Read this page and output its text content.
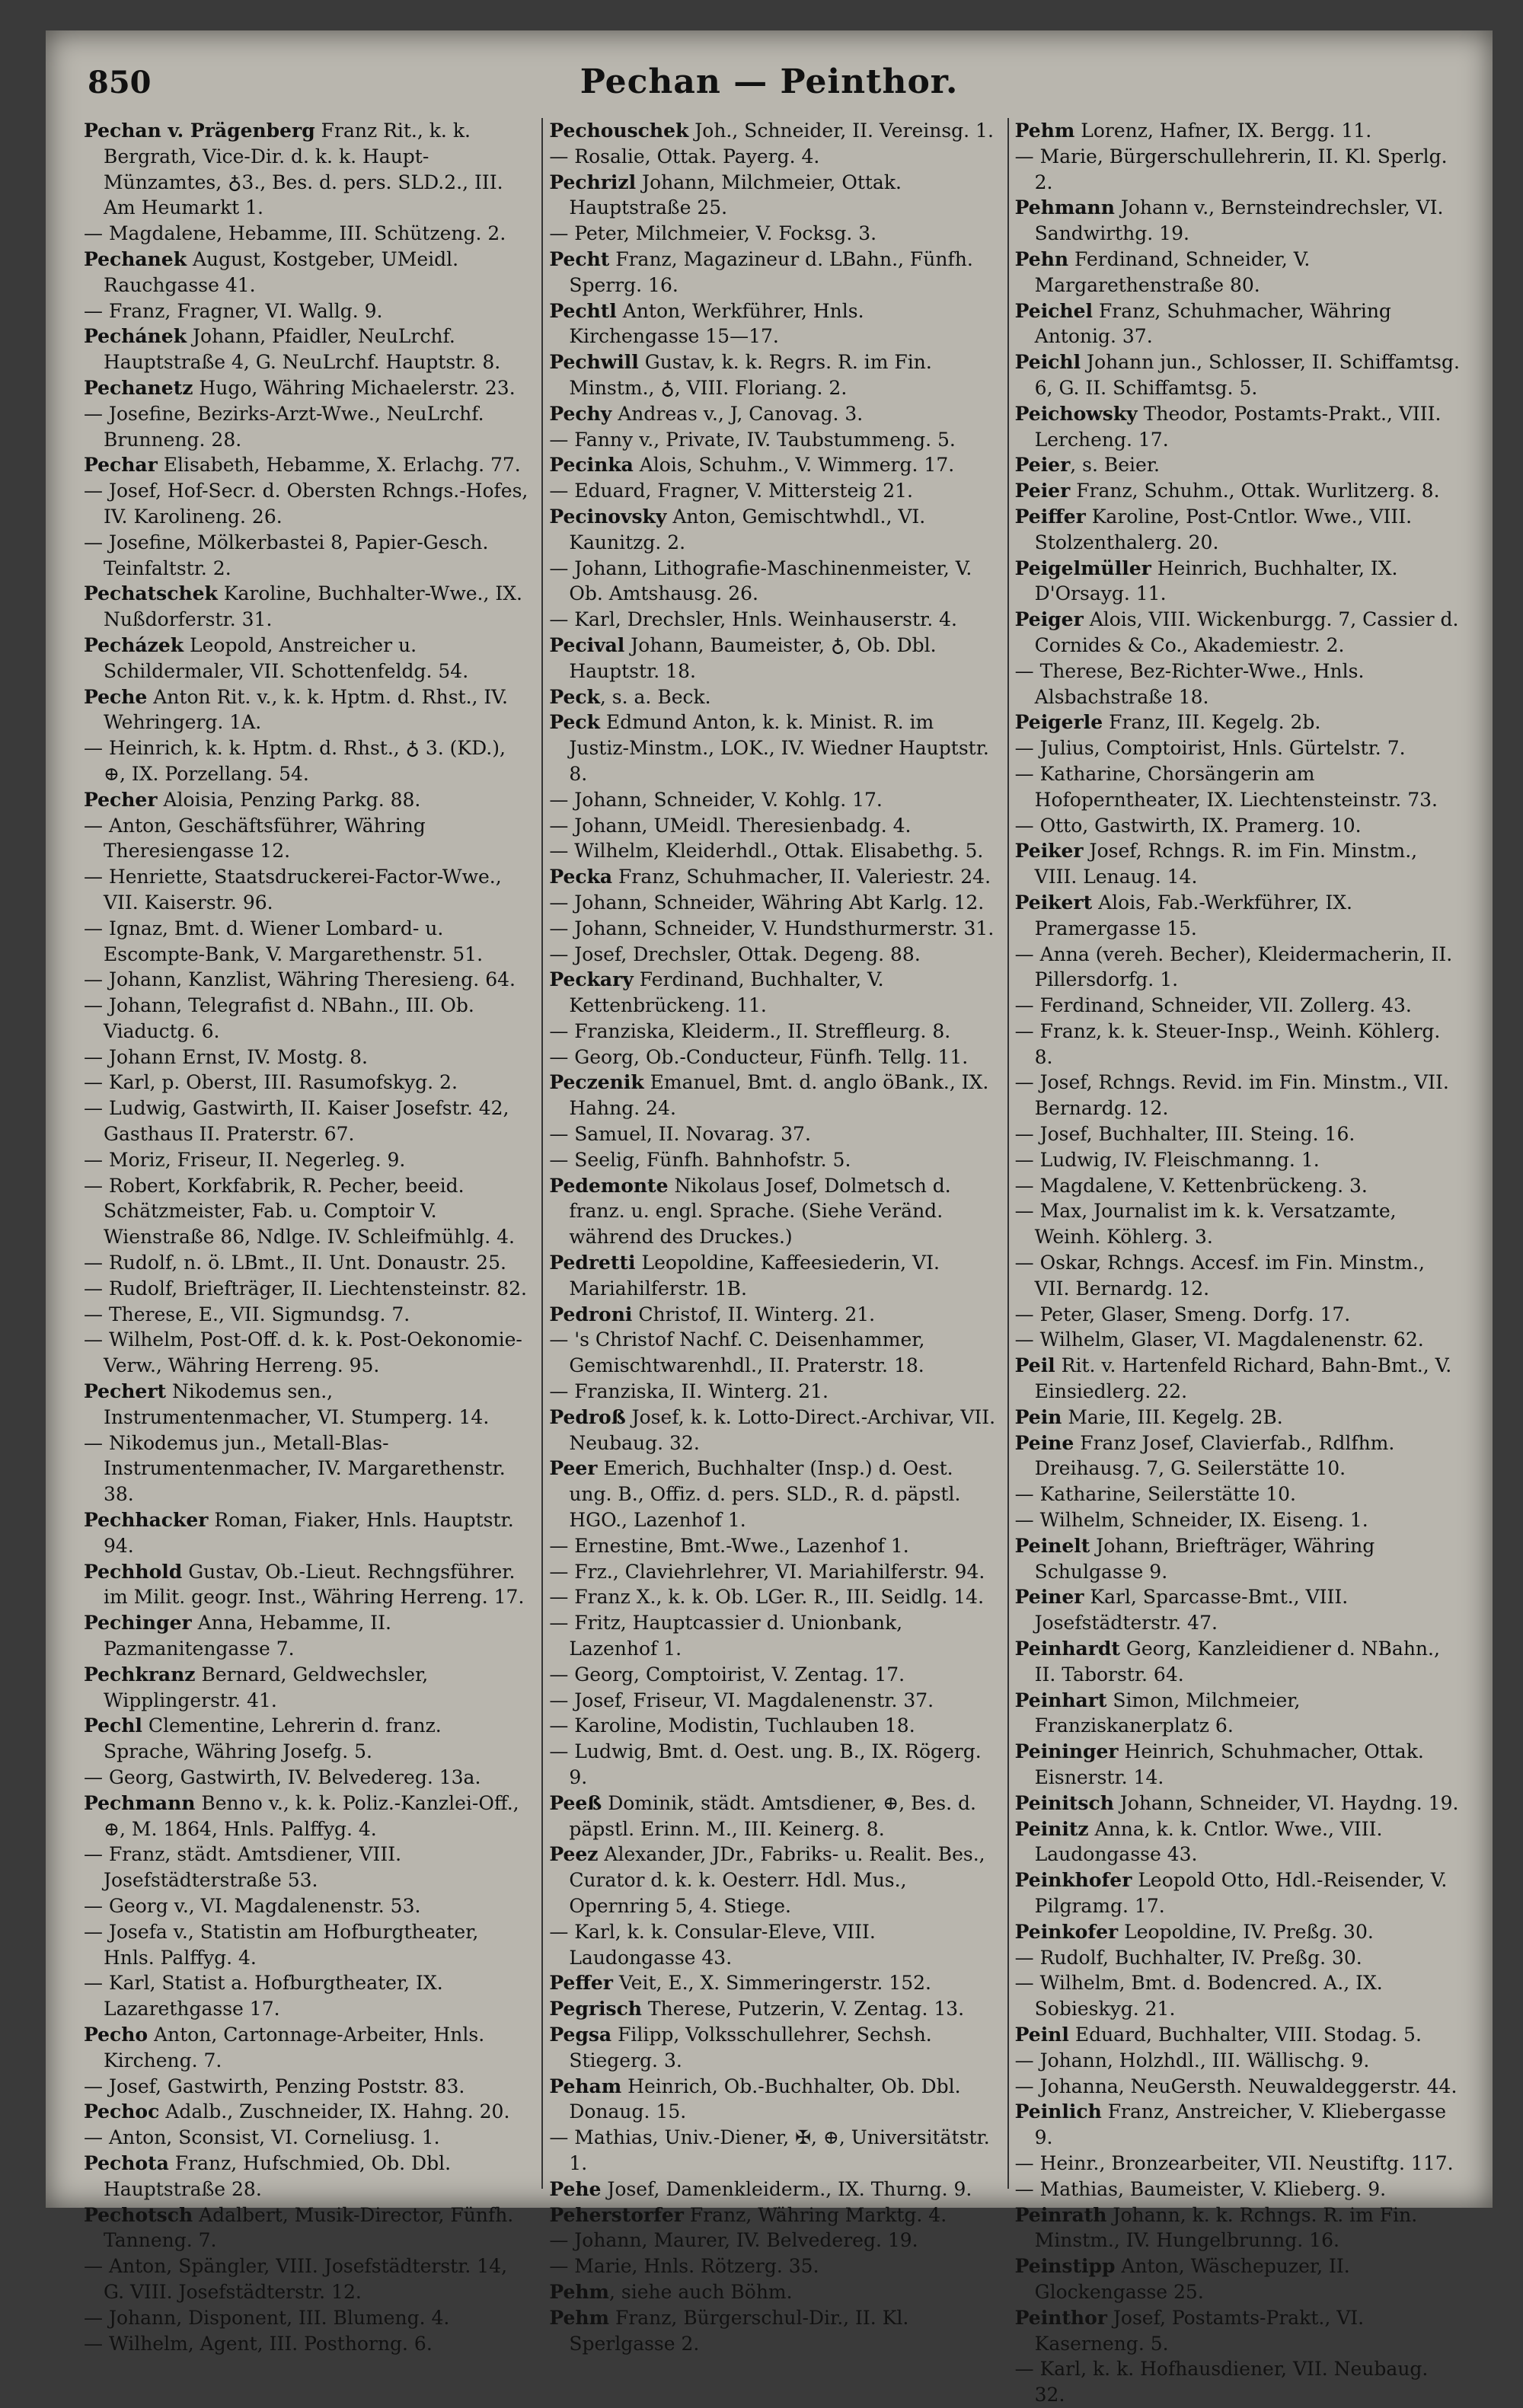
850	Pechan — Peinthor.

Pechan v. Prägenberg Franz Rit., k. k. Bergrath, Vice-Dir. d. k. k. Haupt-Münzamtes, ♁3., Bes. d. pers. SLD.2., III. Am Heumarkt 1.

— Magdalene, Hebamme, III. Schützeng. 2.

Pechanek August, Kostgeber, UMeidl. Rauchgasse 41.

— Franz, Fragner, VI. Wallg. 9.

Pechánek Johann, Pfaidler, NeuLrchf. Hauptstraße 4, G. NeuLrchf. Hauptstr. 8.

Pechanetz Hugo, Währing Michaelerstr. 23.

— Josefine, Bezirks-Arzt-Wwe., NeuLrchf. Brunneng. 28.

Pechar Elisabeth, Hebamme, X. Erlachg. 77.

— Josef, Hof-Secr. d. Obersten Rchngs.-Hofes, IV. Karolineng. 26.

— Josefine, Mölkerbastei 8, Papier-Gesch. Teinfaltstr. 2.

Pechatschek Karoline, Buchhalter-Wwe., IX. Nußdorferstr. 31.

Pecházek Leopold, Anstreicher u. Schildermaler, VII. Schottenfeldg. 54.

Peche Anton Rit. v., k. k. Hptm. d. Rhst., IV. Wehringerg. 1A.

— Heinrich, k. k. Hptm. d. Rhst., ♁ 3. (KD.), ⊕, IX. Porzellang. 54.

Pecher Aloisia, Penzing Parkg. 88.

— Anton, Geschäftsführer, Währing Theresiengasse 12.

— Henriette, Staatsdruckerei-Factor-Wwe., VII. Kaiserstr. 96.

— Ignaz, Bmt. d. Wiener Lombard- u. Escompte-Bank, V. Margarethenstr. 51.

— Johann, Kanzlist, Währing Theresieng. 64.

— Johann, Telegrafist d. NBahn., III. Ob. Viaductg. 6.

— Johann Ernst, IV. Mostg. 8.

— Karl, p. Oberst, III. Rasumofskyg. 2.

— Ludwig, Gastwirth, II. Kaiser Josefstr. 42, Gasthaus II. Praterstr. 67.

— Moriz, Friseur, II. Negerleg. 9.

— Robert, Korkfabrik, R. Pecher, beeid. Schätzmeister, Fab. u. Comptoir V. Wienstraße 86, Ndlge. IV. Schleifmühlg. 4.

— Rudolf, n. ö. LBmt., II. Unt. Donaustr. 25.

— Rudolf, Briefträger, II. Liechtensteinstr. 82.

— Therese, E., VII. Sigmundsg. 7.

— Wilhelm, Post-Off. d. k. k. Post-Oekonomie-Verw., Währing Herreng. 95.

Pechert Nikodemus sen., Instrumentenmacher, VI. Stumperg. 14.

— Nikodemus jun., Metall-Blas-Instrumentenmacher, IV. Margarethenstr. 38.

Pechhacker Roman, Fiaker, Hnls. Hauptstr. 94.

Pechhold Gustav, Ob.-Lieut. Rechngsführer. im Milit. geogr. Inst., Währing Herreng. 17.

Pechinger Anna, Hebamme, II. Pazmanitengasse 7.

Pechkranz Bernard, Geldwechsler, Wipplingerstr. 41.

Pechl Clementine, Lehrerin d. franz. Sprache, Währing Josefg. 5.

— Georg, Gastwirth, IV. Belvedereg. 13a.

Pechmann Benno v., k. k. Poliz.-Kanzlei-Off., ⊕, M. 1864, Hnls. Palffyg. 4.

— Franz, städt. Amtsdiener, VIII. Josefstädterstraße 53.

— Georg v., VI. Magdalenenstr. 53.

— Josefa v., Statistin am Hofburgtheater, Hnls. Palffyg. 4.

— Karl, Statist a. Hofburgtheater, IX. Lazarethgasse 17.

Pecho Anton, Cartonnage-Arbeiter, Hnls. Kircheng. 7.

— Josef, Gastwirth, Penzing Poststr. 83.

Pechoc Adalb., Zuschneider, IX. Hahng. 20.

— Anton, Sconsist, VI. Corneliusg. 1.

Pechota Franz, Hufschmied, Ob. Dbl. Hauptstraße 28.

Pechotsch Adalbert, Musik-Director, Fünfh. Tanneng. 7.

— Anton, Spängler, VIII. Josefstädterstr. 14, G. VIII. Josefstädterstr. 12.

— Johann, Disponent, III. Blumeng. 4.

— Wilhelm, Agent, III. Posthorng. 6.

Pechouschek Joh., Schneider, II. Vereinsg. 1.

— Rosalie, Ottak. Payerg. 4.

Pechrizl Johann, Milchmeier, Ottak. Hauptstraße 25.

— Peter, Milchmeier, V. Focksg. 3.

Pecht Franz, Magazineur d. LBahn., Fünfh. Sperrg. 16.

Pechtl Anton, Werkführer, Hnls. Kirchengasse 15—17.

Pechwill Gustav, k. k. Regrs. R. im Fin. Minstm., ♁, VIII. Floriang. 2.

Pechy Andreas v., J, Canovag. 3.

— Fanny v., Private, IV. Taubstummeng. 5.

Pecinka Alois, Schuhm., V. Wimmerg. 17.

— Eduard, Fragner, V. Mittersteig 21.

Pecinovsky Anton, Gemischtwhdl., VI. Kaunitzg. 2.

— Johann, Lithografie-Maschinenmeister, V. Ob. Amtshausg. 26.

— Karl, Drechsler, Hnls. Weinhauserstr. 4.

Pecival Johann, Baumeister, ♁, Ob. Dbl. Hauptstr. 18.

Peck, s. a. Beck.

Peck Edmund Anton, k. k. Minist. R. im Justiz-Minstm., LOK., IV. Wiedner Hauptstr. 8.

— Johann, Schneider, V. Kohlg. 17.

— Johann, UMeidl. Theresienbadg. 4.

— Wilhelm, Kleiderhdl., Ottak. Elisabethg. 5.

Pecka Franz, Schuhmacher, II. Valeriestr. 24.

— Johann, Schneider, Währing Abt Karlg. 12.

— Johann, Schneider, V. Hundsthurmerstr. 31.

— Josef, Drechsler, Ottak. Degeng. 88.

Peckary Ferdinand, Buchhalter, V. Kettenbrückeng. 11.

— Franziska, Kleiderm., II. Streffleurg. 8.

— Georg, Ob.-Conducteur, Fünfh. Tellg. 11.

Peczenik Emanuel, Bmt. d. anglo öBank., IX. Hahng. 24.

— Samuel, II. Novarag. 37.

— Seelig, Fünfh. Bahnhofstr. 5.

Pedemonte Nikolaus Josef, Dolmetsch d. franz. u. engl. Sprache. (Siehe Veränd. während des Druckes.)

Pedretti Leopoldine, Kaffeesiederin, VI. Mariahilferstr. 1B.

Pedroni Christof, II. Winterg. 21.

— 's Christof Nachf. C. Deisenhammer, Gemischtwarenhdl., II. Praterstr. 18.

— Franziska, II. Winterg. 21.

Pedroß Josef, k. k. Lotto-Direct.-Archivar, VII. Neubaug. 32.

Peer Emerich, Buchhalter (Insp.) d. Oest. ung. B., Offiz. d. pers. SLD., R. d. päpstl. HGO., Lazenhof 1.

— Ernestine, Bmt.-Wwe., Lazenhof 1.

— Frz., Claviehrlehrer, VI. Mariahilferstr. 94.

— Franz X., k. k. Ob. LGer. R., III. Seidlg. 14.

— Fritz, Hauptcassier d. Unionbank, Lazenhof 1.

— Georg, Comptoirist, V. Zentag. 17.

— Josef, Friseur, VI. Magdalenenstr. 37.

— Karoline, Modistin, Tuchlauben 18.

— Ludwig, Bmt. d. Oest. ung. B., IX. Rögerg. 9.

Peeß Dominik, städt. Amtsdiener, ⊕, Bes. d. päpstl. Erinn. M., III. Keinerg. 8.

Peez Alexander, JDr., Fabriks- u. Realit. Bes., Curator d. k. k. Oesterr. Hdl. Mus., Opernring 5, 4. Stiege.

— Karl, k. k. Consular-Eleve, VIII. Laudongasse 43.

Peffer Veit, E., X. Simmeringerstr. 152.

Pegrisch Therese, Putzerin, V. Zentag. 13.

Pegsa Filipp, Volksschullehrer, Sechsh. Stiegerg. 3.

Peham Heinrich, Ob.-Buchhalter, Ob. Dbl. Donaug. 15.

— Mathias, Univ.-Diener, ✠, ⊕, Universitätstr. 1.

Pehe Josef, Damenkleiderm., IX. Thurng. 9.

Peherstorfer Franz, Währing Marktg. 4.

— Johann, Maurer, IV. Belvedereg. 19.

— Marie, Hnls. Rötzerg. 35.

Pehm, siehe auch Böhm.

Pehm Franz, Bürgerschul-Dir., II. Kl. Sperlgasse 2.

Pehm Lorenz, Hafner, IX. Bergg. 11.

— Marie, Bürgerschullehrerin, II. Kl. Sperlg. 2.

Pehmann Johann v., Bernsteindrechsler, VI. Sandwirthg. 19.

Pehn Ferdinand, Schneider, V. Margarethenstraße 80.

Peichel Franz, Schuhmacher, Währing Antonig. 37.

Peichl Johann jun., Schlosser, II. Schiffamtsg. 6, G. II. Schiffamtsg. 5.

Peichowsky Theodor, Postamts-Prakt., VIII. Lercheng. 17.

Peier, s. Beier.

Peier Franz, Schuhm., Ottak. Wurlitzerg. 8.

Peiffer Karoline, Post-Cntlor. Wwe., VIII. Stolzenthalerg. 20.

Peigelmüller Heinrich, Buchhalter, IX. D'Orsayg. 11.

Peiger Alois, VIII. Wickenburgg. 7, Cassier d. Cornides & Co., Akademiestr. 2.

— Therese, Bez-Richter-Wwe., Hnls. Alsbachstraße 18.

Peigerle Franz, III. Kegelg. 2b.

— Julius, Comptoirist, Hnls. Gürtelstr. 7.

— Katharine, Chorsängerin am Hofoperntheater, IX. Liechtensteinstr. 73.

— Otto, Gastwirth, IX. Pramerg. 10.

Peiker Josef, Rchngs. R. im Fin. Minstm., VIII. Lenaug. 14.

Peikert Alois, Fab.-Werkführer, IX. Pramergasse 15.

— Anna (vereh. Becher), Kleidermacherin, II. Pillersdorfg. 1.

— Ferdinand, Schneider, VII. Zollerg. 43.

— Franz, k. k. Steuer-Insp., Weinh. Köhlerg. 8.

— Josef, Rchngs. Revid. im Fin. Minstm., VII. Bernardg. 12.

— Josef, Buchhalter, III. Steing. 16.

— Ludwig, IV. Fleischmanng. 1.

— Magdalene, V. Kettenbrückeng. 3.

— Max, Journalist im k. k. Versatzamte, Weinh. Köhlerg. 3.

— Oskar, Rchngs. Accesf. im Fin. Minstm., VII. Bernardg. 12.

— Peter, Glaser, Smeng. Dorfg. 17.

— Wilhelm, Glaser, VI. Magdalenenstr. 62.

Peil Rit. v. Hartenfeld Richard, Bahn-Bmt., V. Einsiedlerg. 22.

Pein Marie, III. Kegelg. 2B.

Peine Franz Josef, Clavierfab., Rdlfhm. Dreihausg. 7, G. Seilerstätte 10.

— Katharine, Seilerstätte 10.

— Wilhelm, Schneider, IX. Eiseng. 1.

Peinelt Johann, Briefträger, Währing Schulgasse 9.

Peiner Karl, Sparcasse-Bmt., VIII. Josefstädterstr. 47.

Peinhardt Georg, Kanzleidiener d. NBahn., II. Taborstr. 64.

Peinhart Simon, Milchmeier, Franziskanerplatz 6.

Peininger Heinrich, Schuhmacher, Ottak. Eisnerstr. 14.

Peinitsch Johann, Schneider, VI. Haydng. 19.

Peinitz Anna, k. k. Cntlor. Wwe., VIII. Laudongasse 43.

Peinkhofer Leopold Otto, Hdl.-Reisender, V. Pilgramg. 17.

Peinkofer Leopoldine, IV. Preßg. 30.

— Rudolf, Buchhalter, IV. Preßg. 30.

— Wilhelm, Bmt. d. Bodencred. A., IX. Sobieskyg. 21.

Peinl Eduard, Buchhalter, VIII. Stodag. 5.

— Johann, Holzhdl., III. Wällischg. 9.

— Johanna, NeuGersth. Neuwaldeggerstr. 44.

Peinlich Franz, Anstreicher, V. Kliebergasse 9.

— Heinr., Bronzearbeiter, VII. Neustiftg. 117.

— Mathias, Baumeister, V. Klieberg. 9.

Peinrath Johann, k. k. Rchngs. R. im Fin. Minstm., IV. Hungelbrunng. 16.

Peinstipp Anton, Wäschepuzer, II. Glockengasse 25.

Peinthor Josef, Postamts-Prakt., VI. Kaserneng. 5.

— Karl, k. k. Hofhausdiener, VII. Neubaug. 32.
